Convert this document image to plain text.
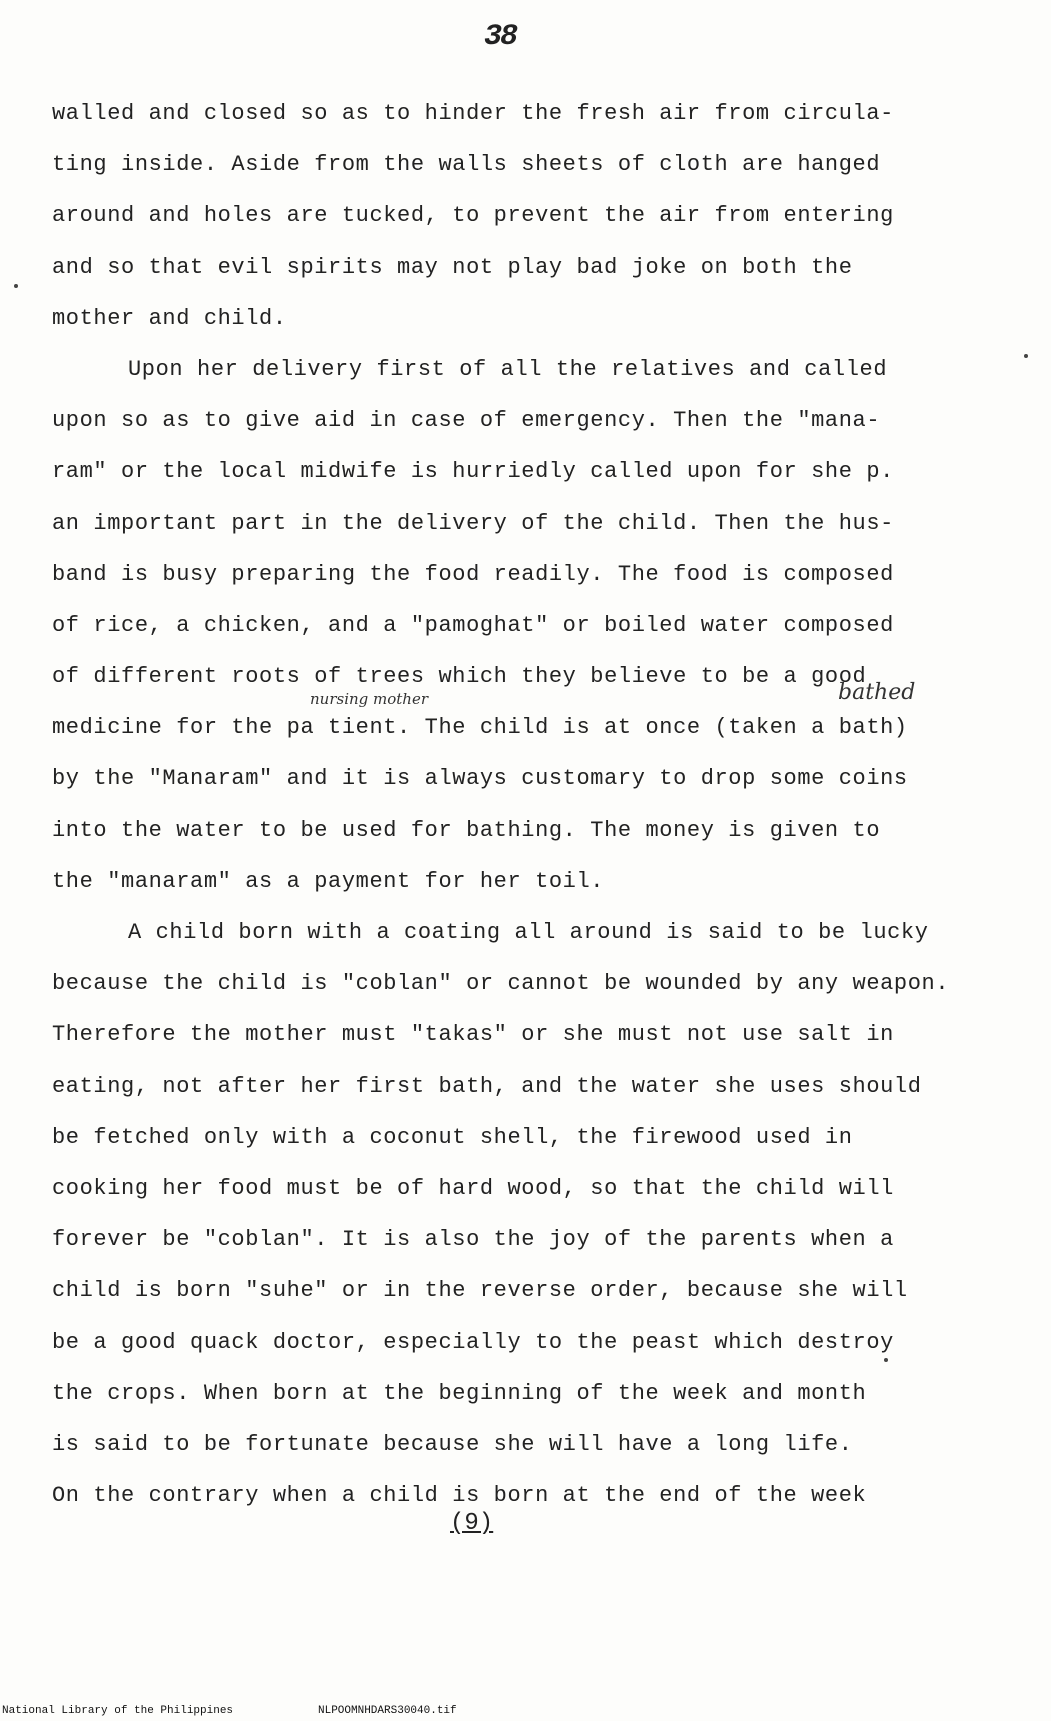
38
walled and closed so as to hinder the fresh air from circula-
ting inside. Aside from the walls sheets of cloth are hanged
around and holes are tucked, to prevent the air from entering
and so that evil spirits may not play bad joke on both the
mother and child.
Upon her delivery first of all the relatives and called
upon so as to give aid in case of emergency. Then the "mana-
ram" or the local midwife is hurriedly called upon for she p.
an important part in the delivery of the child. Then the hus-
band is busy preparing the food readily. The food is composed
of rice, a chicken, and a "pamoghat" or boiled water composed
of different roots of trees which they believe to be a good
medicine for the pa tient. The child is at once (taken a bath)
by the "Manaram" and it is always customary to drop some coins
into the water to be used for bathing. The money is given to
the "manaram" as a payment for her toil.
A child born with a coating all around is said to be lucky
because the child is "coblan" or cannot be wounded by any weapon.
Therefore the mother must "takas" or she must not use salt in
eating, not after her first bath, and the water she uses should
be fetched only with a coconut shell, the firewood used in
cooking her food must be of hard wood, so that the child will
forever be "coblan". It is also the joy of the parents when a
child is born "suhe" or in the reverse order, because she will
be a good quack doctor, especially to the peast which destroy
the crops. When born at the beginning of the week and month
is said to be fortunate because she will have a long life.
On the contrary when a child is born at the end of the week
nursing mother	bathed
(9)
National Library of the Philippines	NLPOOMNHDARS30040.tif
